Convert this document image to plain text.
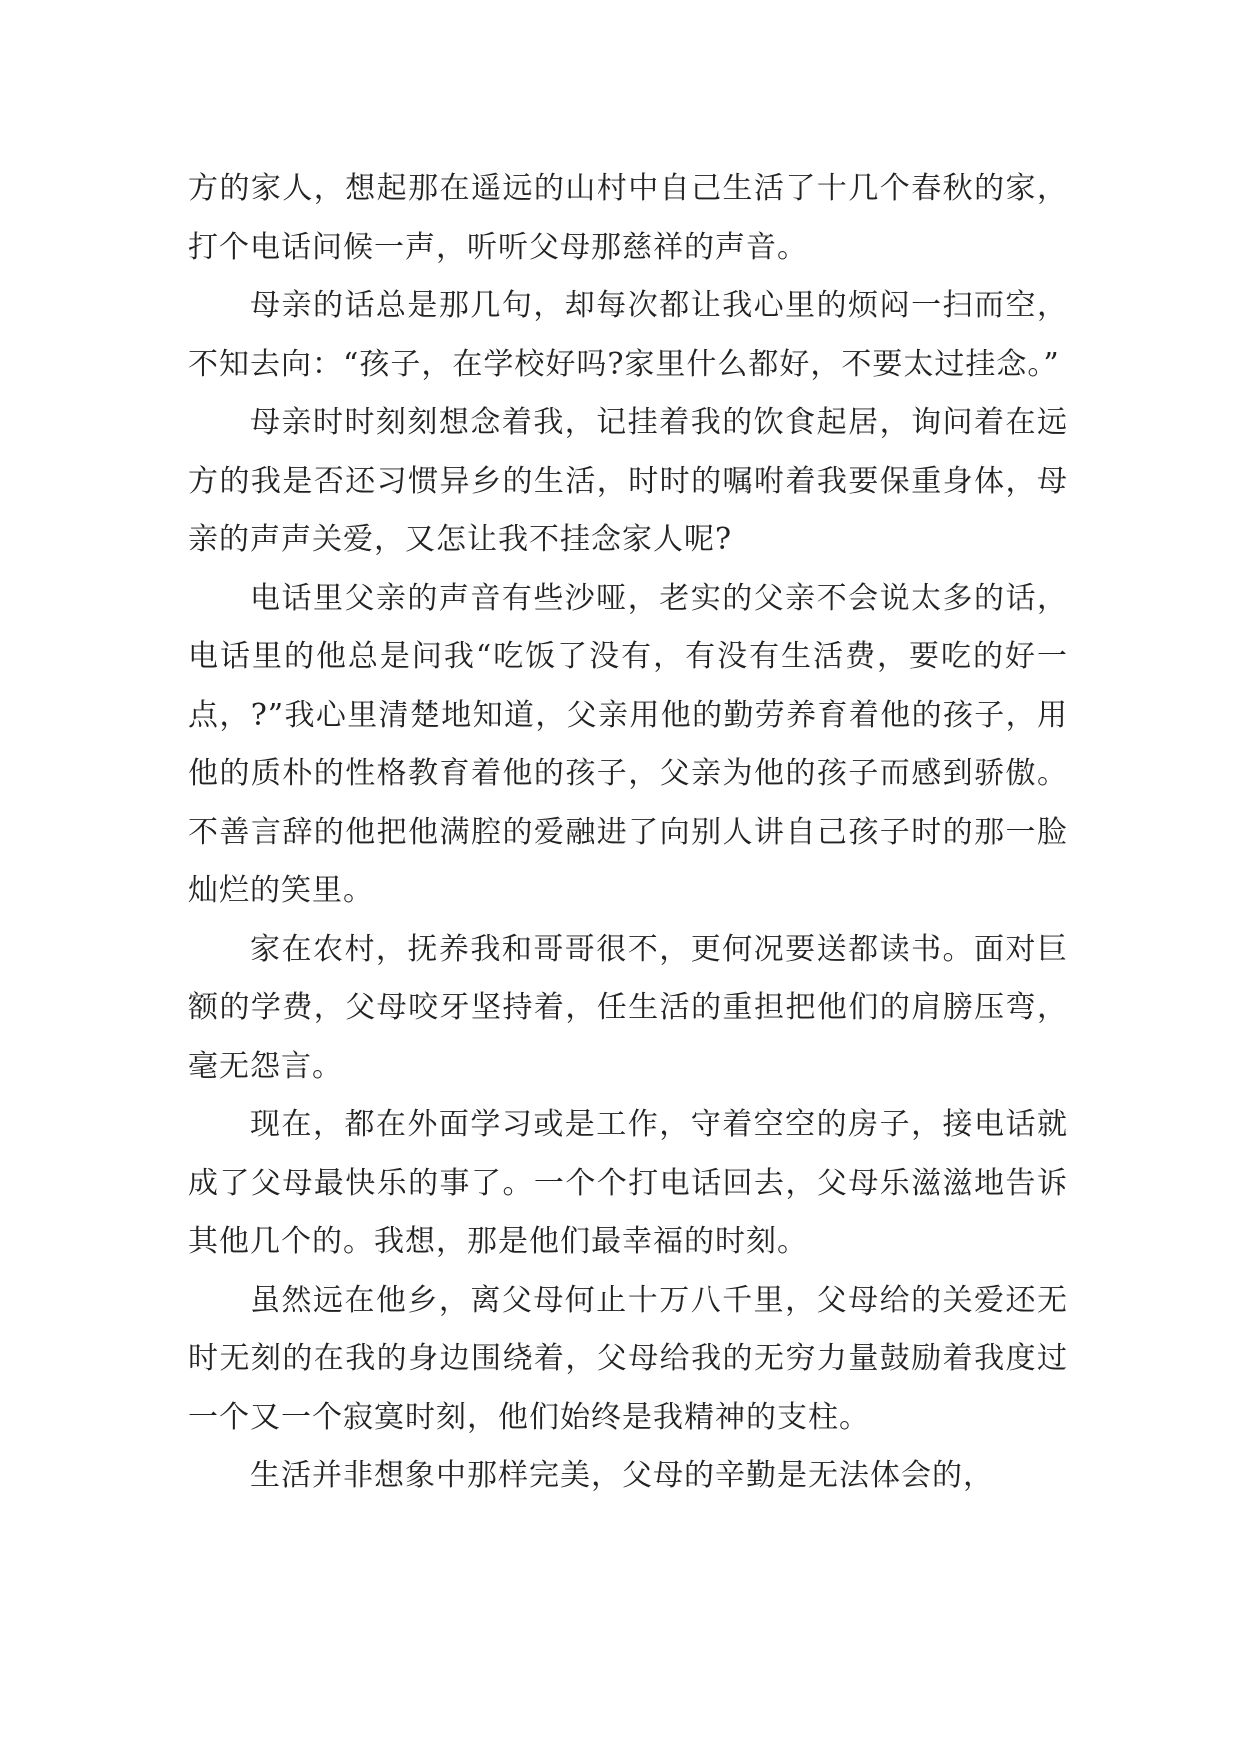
方的家人，想起那在遥远的山村中自己生活了十几个春秋的家，打个电话问候一声，听听父母那慈祥的声音。

母亲的话总是那几句，却每次都让我心里的烦闷一扫而空，不知去向：“孩子，在学校好吗?家里什么都好，不要太过挂念。”

母亲时时刻刻想念着我，记挂着我的饮食起居，询问着在远方的我是否还习惯异乡的生活，时时的嘱咐着我要保重身体，母亲的声声关爱，又怎让我不挂念家人呢?

电话里父亲的声音有些沙哑，老实的父亲不会说太多的话，电话里的他总是问我“吃饭了没有，有没有生活费，要吃的好一点，?”我心里清楚地知道，父亲用他的勤劳养育着他的孩子，用他的质朴的性格教育着他的孩子，父亲为他的孩子而感到骄傲。不善言辞的他把他满腔的爱融进了向别人讲自己孩子时的那一脸灿烂的笑里。

家在农村，抚养我和哥哥很不，更何况要送都读书。面对巨额的学费，父母咬牙坚持着，任生活的重担把他们的肩膀压弯，毫无怨言。

现在，都在外面学习或是工作，守着空空的房子，接电话就成了父母最快乐的事了。一个个打电话回去，父母乐滋滋地告诉其他几个的。我想，那是他们最幸福的时刻。

虽然远在他乡，离父母何止十万八千里，父母给的关爱还无时无刻的在我的身边围绕着，父母给我的无穷力量鼓励着我度过一个又一个寂寞时刻，他们始终是我精神的支柱。

生活并非想象中那样完美，父母的辛勤是无法体会的，
